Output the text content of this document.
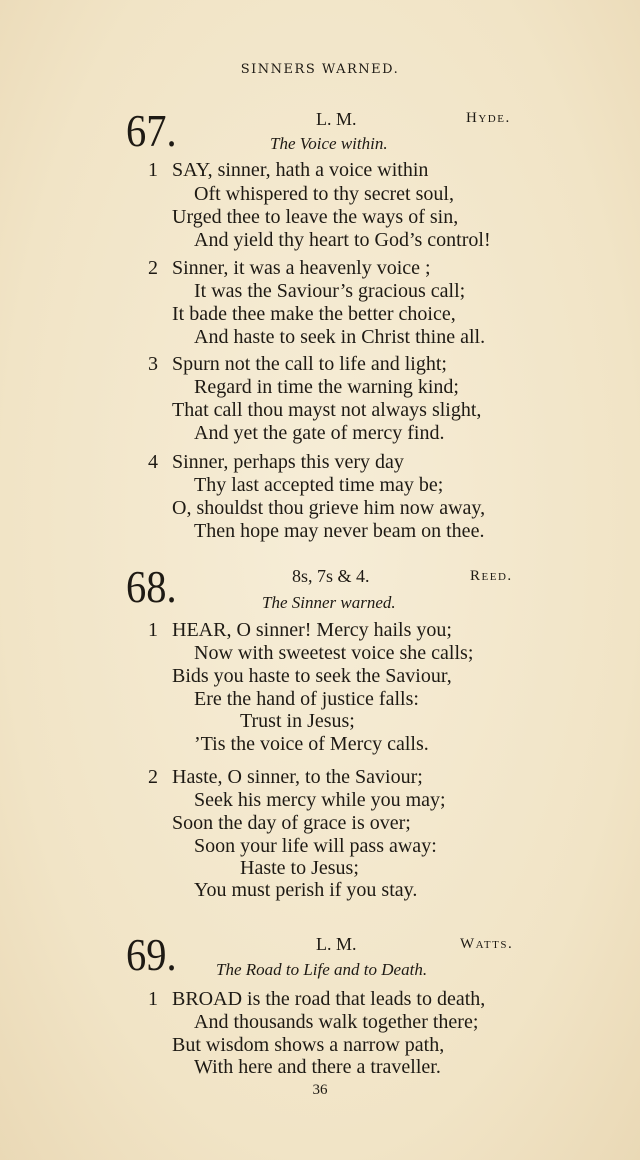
SINNERS WARNED.
67.	L. M.	Hyde.
The Voice within.
1 SAY, sinner, hath a voice within
Oft whispered to thy secret soul,
Urged thee to leave the ways of sin,
And yield thy heart to God’s control!
2 Sinner, it was a heavenly voice ;
It was the Saviour’s gracious call;
It bade thee make the better choice,
And haste to seek in Christ thine all.
3 Spurn not the call to life and light;
Regard in time the warning kind;
That call thou mayst not always slight,
And yet the gate of mercy find.
4 Sinner, perhaps this very day
Thy last accepted time may be;
O, shouldst thou grieve him now away,
Then hope may never beam on thee.
68.	8s, 7s & 4.	Reed.
The Sinner warned.
1 HEAR, O sinner! Mercy hails you;
Now with sweetest voice she calls;
Bids you haste to seek the Saviour,
Ere the hand of justice falls:
Trust in Jesus;
’Tis the voice of Mercy calls.
2 Haste, O sinner, to the Saviour;
Seek his mercy while you may;
Soon the day of grace is over;
Soon your life will pass away:
Haste to Jesus;
You must perish if you stay.
69.	L. M.	Watts.
The Road to Life and to Death.
1 BROAD is the road that leads to death,
And thousands walk together there;
But wisdom shows a narrow path,
With here and there a traveller.
36
